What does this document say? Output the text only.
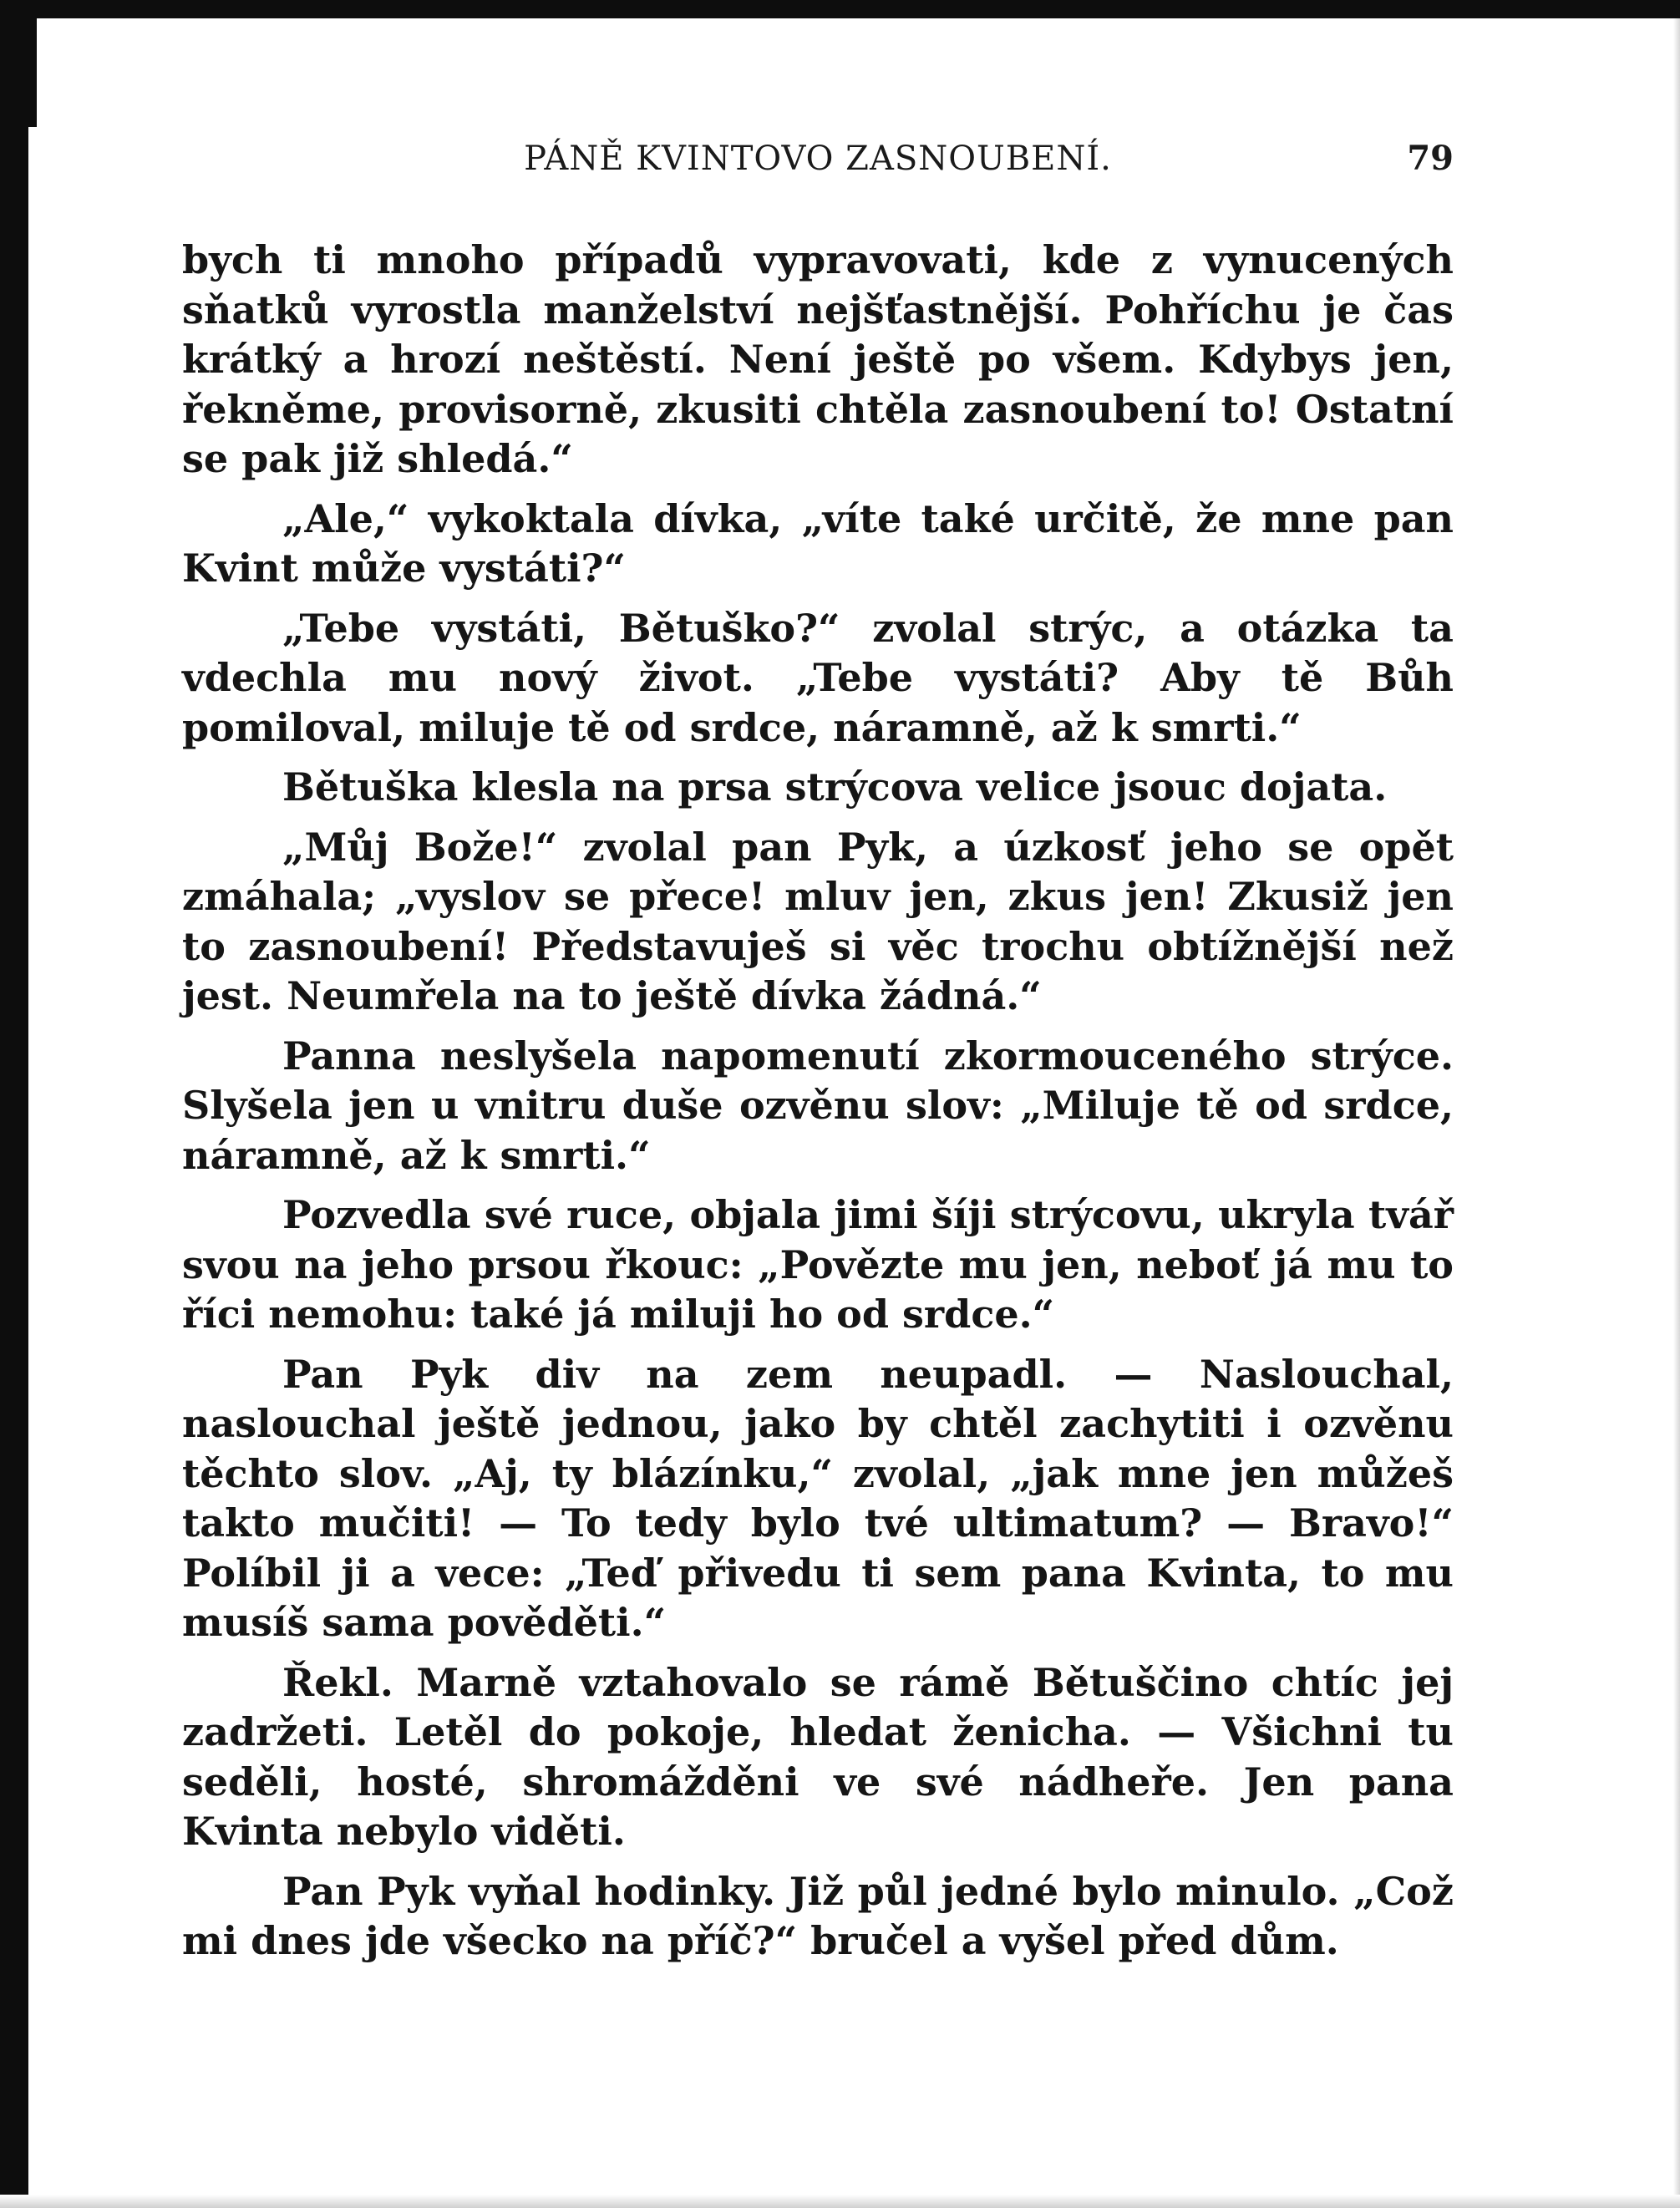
PÁNĚ KVINTOVO ZASNOUBENÍ.	79

bych ti mnoho případů vypravovati, kde z vynucených sňatků vyrostla manželství nejšťastnější. Pohříchu je čas krátký a hrozí neštěstí. Není ještě po všem. Kdybys jen, řekněme, provisorně, zkusiti chtěla zasnoubení to! Ostatní se pak již shledá.“

„Ale,“ vykoktala dívka, „víte také určitě, že mne pan Kvint může vystáti?“

„Tebe vystáti, Bětuško?“ zvolal strýc, a otázka ta vdechla mu nový život. „Tebe vystáti? Aby tě Bůh pomiloval, miluje tě od srdce, náramně, až k smrti.“

Bětuška klesla na prsa strýcova velice jsouc dojata.

„Můj Bože!“ zvolal pan Pyk, a úzkosť jeho se opět zmáhala; „vyslov se přece! mluv jen, zkus jen! Zkusiž jen to zasnoubení! Představuješ si věc trochu obtížnější než jest. Neumřela na to ještě dívka žádná.“

Panna neslyšela napomenutí zkormouceného strýce. Slyšela jen u vnitru duše ozvěnu slov: „Miluje tě od srdce, náramně, až k smrti.“

Pozvedla své ruce, objala jimi šíji strýcovu, ukryla tvář svou na jeho prsou řkouc: „Povězte mu jen, neboť já mu to říci nemohu: také já miluji ho od srdce.“

Pan Pyk div na zem neupadl. — Naslouchal, naslouchal ještě jednou, jako by chtěl zachytiti i ozvěnu těchto slov. „Aj, ty blázínku,“ zvolal, „jak mne jen můžeš takto mučiti! — To tedy bylo tvé ultimatum? — Bravo!“ Políbil ji a vece: „Teď přivedu ti sem pana Kvinta, to mu musíš sama pověděti.“

Řekl. Marně vztahovalo se rámě Bětuščino chtíc jej zadržeti. Letěl do pokoje, hledat ženicha. — Všichni tu seděli, hosté, shromážděni ve své nádheře. Jen pana Kvinta nebylo viděti.

Pan Pyk vyňal hodinky. Již půl jedné bylo minulo. „Což mi dnes jde všecko na příč?“ bručel a vyšel před dům.
